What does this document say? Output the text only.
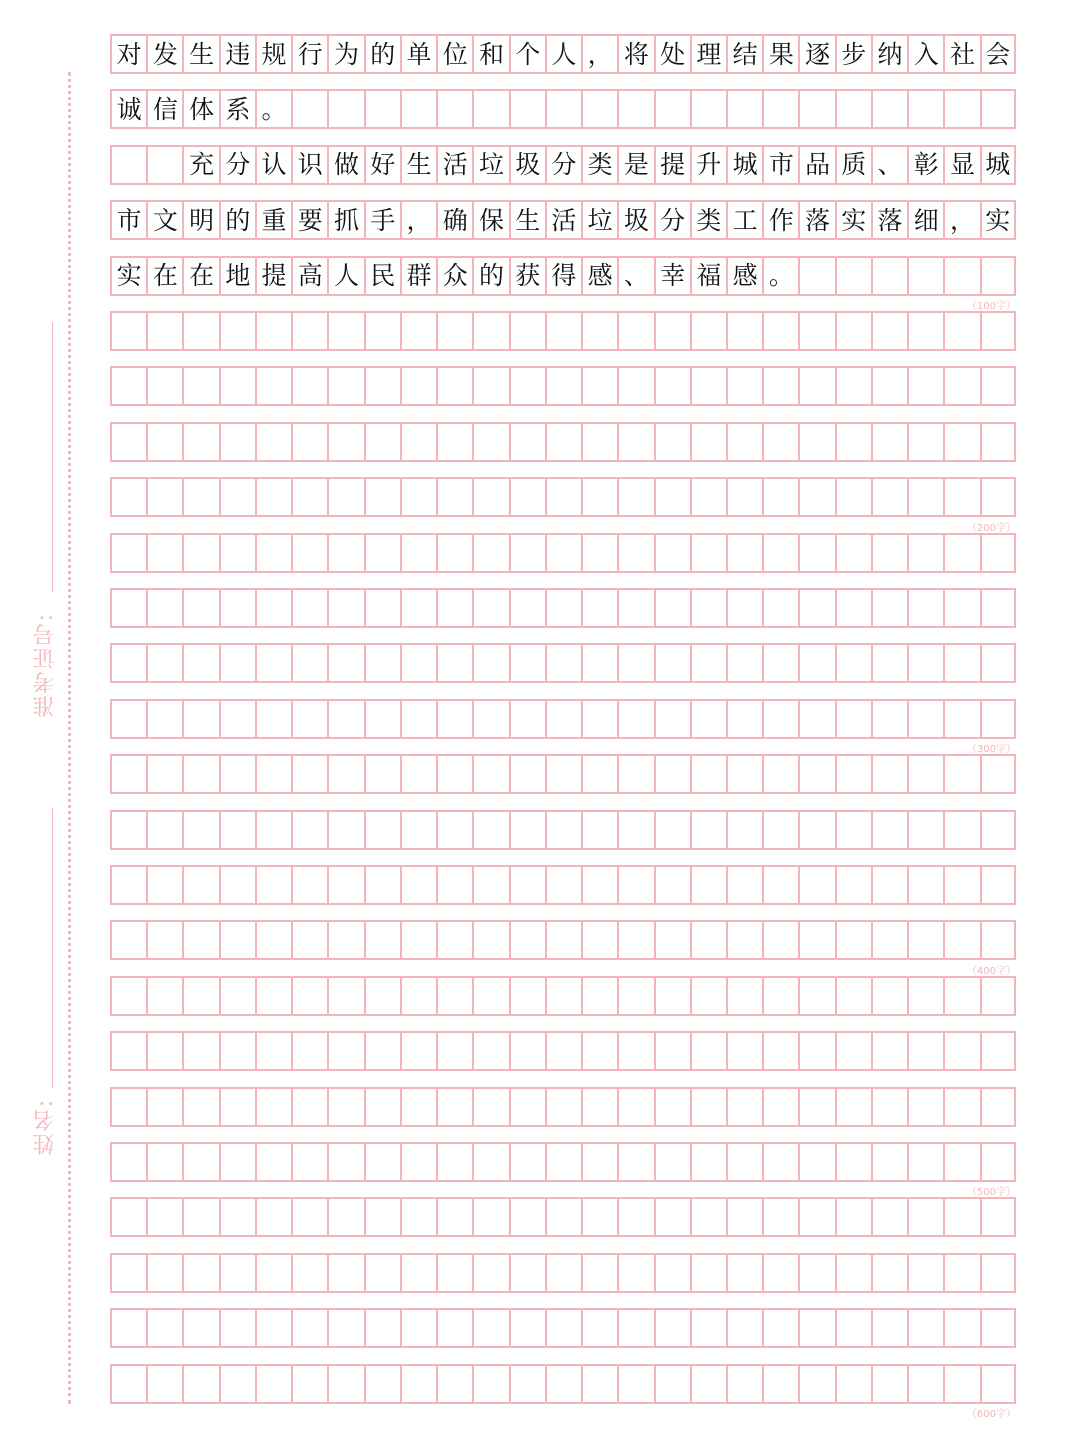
准考证号:
姓名:
对 发 生 违 规 行 为 的 单 位 和 个 人 ， 将 处 理 结 果 逐 步 纳 入 社 会
诚 信 体 系 。
充 分 认 识 做 好 生 活 垃 圾 分 类 是 提 升 城 市 品 质 、 彰 显 城
市 文 明 的 重 要 抓 手 ， 确 保 生 活 垃 圾 分 类 工 作 落 实 落 细 ， 实
实 在 在 地 提 高 人 民 群 众 的 获 得 感 、 幸 福 感 。
（100字）
（200字）
（300字）
（400字）
（500字）
（600字）
